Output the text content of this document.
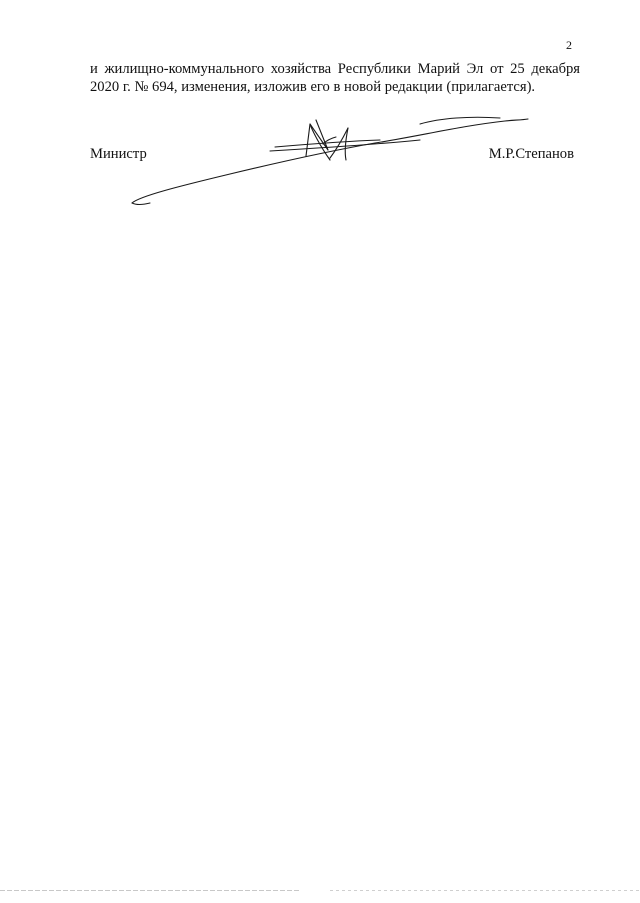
2
и жилищно-коммунального хозяйства Республики Марий Эл от 25 декабря
2020 г. № 694, изменения, изложив его в новой редакции (прилагается).
Министр	М.Р.Степанов
